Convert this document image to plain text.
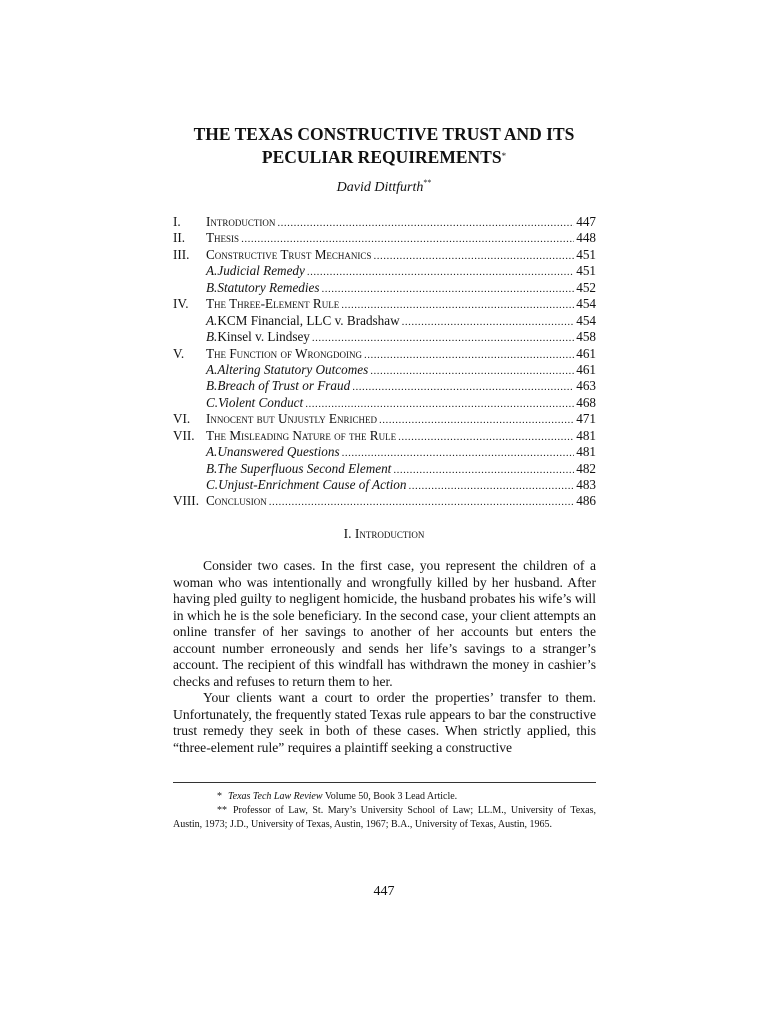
THE TEXAS CONSTRUCTIVE TRUST AND ITS
PECULIAR REQUIREMENTS*
David Dittfurth**
I. Introduction .....	447
II. Thesis .....	448
III. Constructive Trust Mechanics .....	451
A. Judicial Remedy .....	451
B. Statutory Remedies .....	452
IV. The Three-Element Rule .....	454
A. KCM Financial, LLC v. Bradshaw .....	454
B. Kinsel v. Lindsey .....	458
V. The Function of Wrongdoing .....	461
A. Altering Statutory Outcomes .....	461
B. Breach of Trust or Fraud .....	463
C. Violent Conduct .....	468
VI. Innocent but Unjustly Enriched .....	471
VII. The Misleading Nature of the Rule .....	481
A. Unanswered Questions .....	481
B. The Superfluous Second Element .....	482
C. Unjust-Enrichment Cause of Action .....	483
VIII. Conclusion .....	486
I. Introduction

Consider two cases. In the first case, you represent the children of a woman who was intentionally and wrongfully killed by her husband. After having pled guilty to negligent homicide, the husband probates his wife’s will in which he is the sole beneficiary. In the second case, your client attempts an online transfer of her savings to another of her accounts but enters the account number erroneously and sends her life’s savings to a stranger’s account. The recipient of this windfall has withdrawn the money in cashier’s checks and refuses to return them to her.

Your clients want a court to order the properties’ transfer to them. Unfortunately, the frequently stated Texas rule appears to bar the constructive trust remedy they seek in both of these cases. When strictly applied, this “three-element rule” requires a plaintiff seeking a constructive

* Texas Tech Law Review Volume 50, Book 3 Lead Article.

** Professor of Law, St. Mary’s University School of Law; LL.M., University of Texas, Austin, 1973; J.D., University of Texas, Austin, 1967; B.A., University of Texas, Austin, 1965.

447
